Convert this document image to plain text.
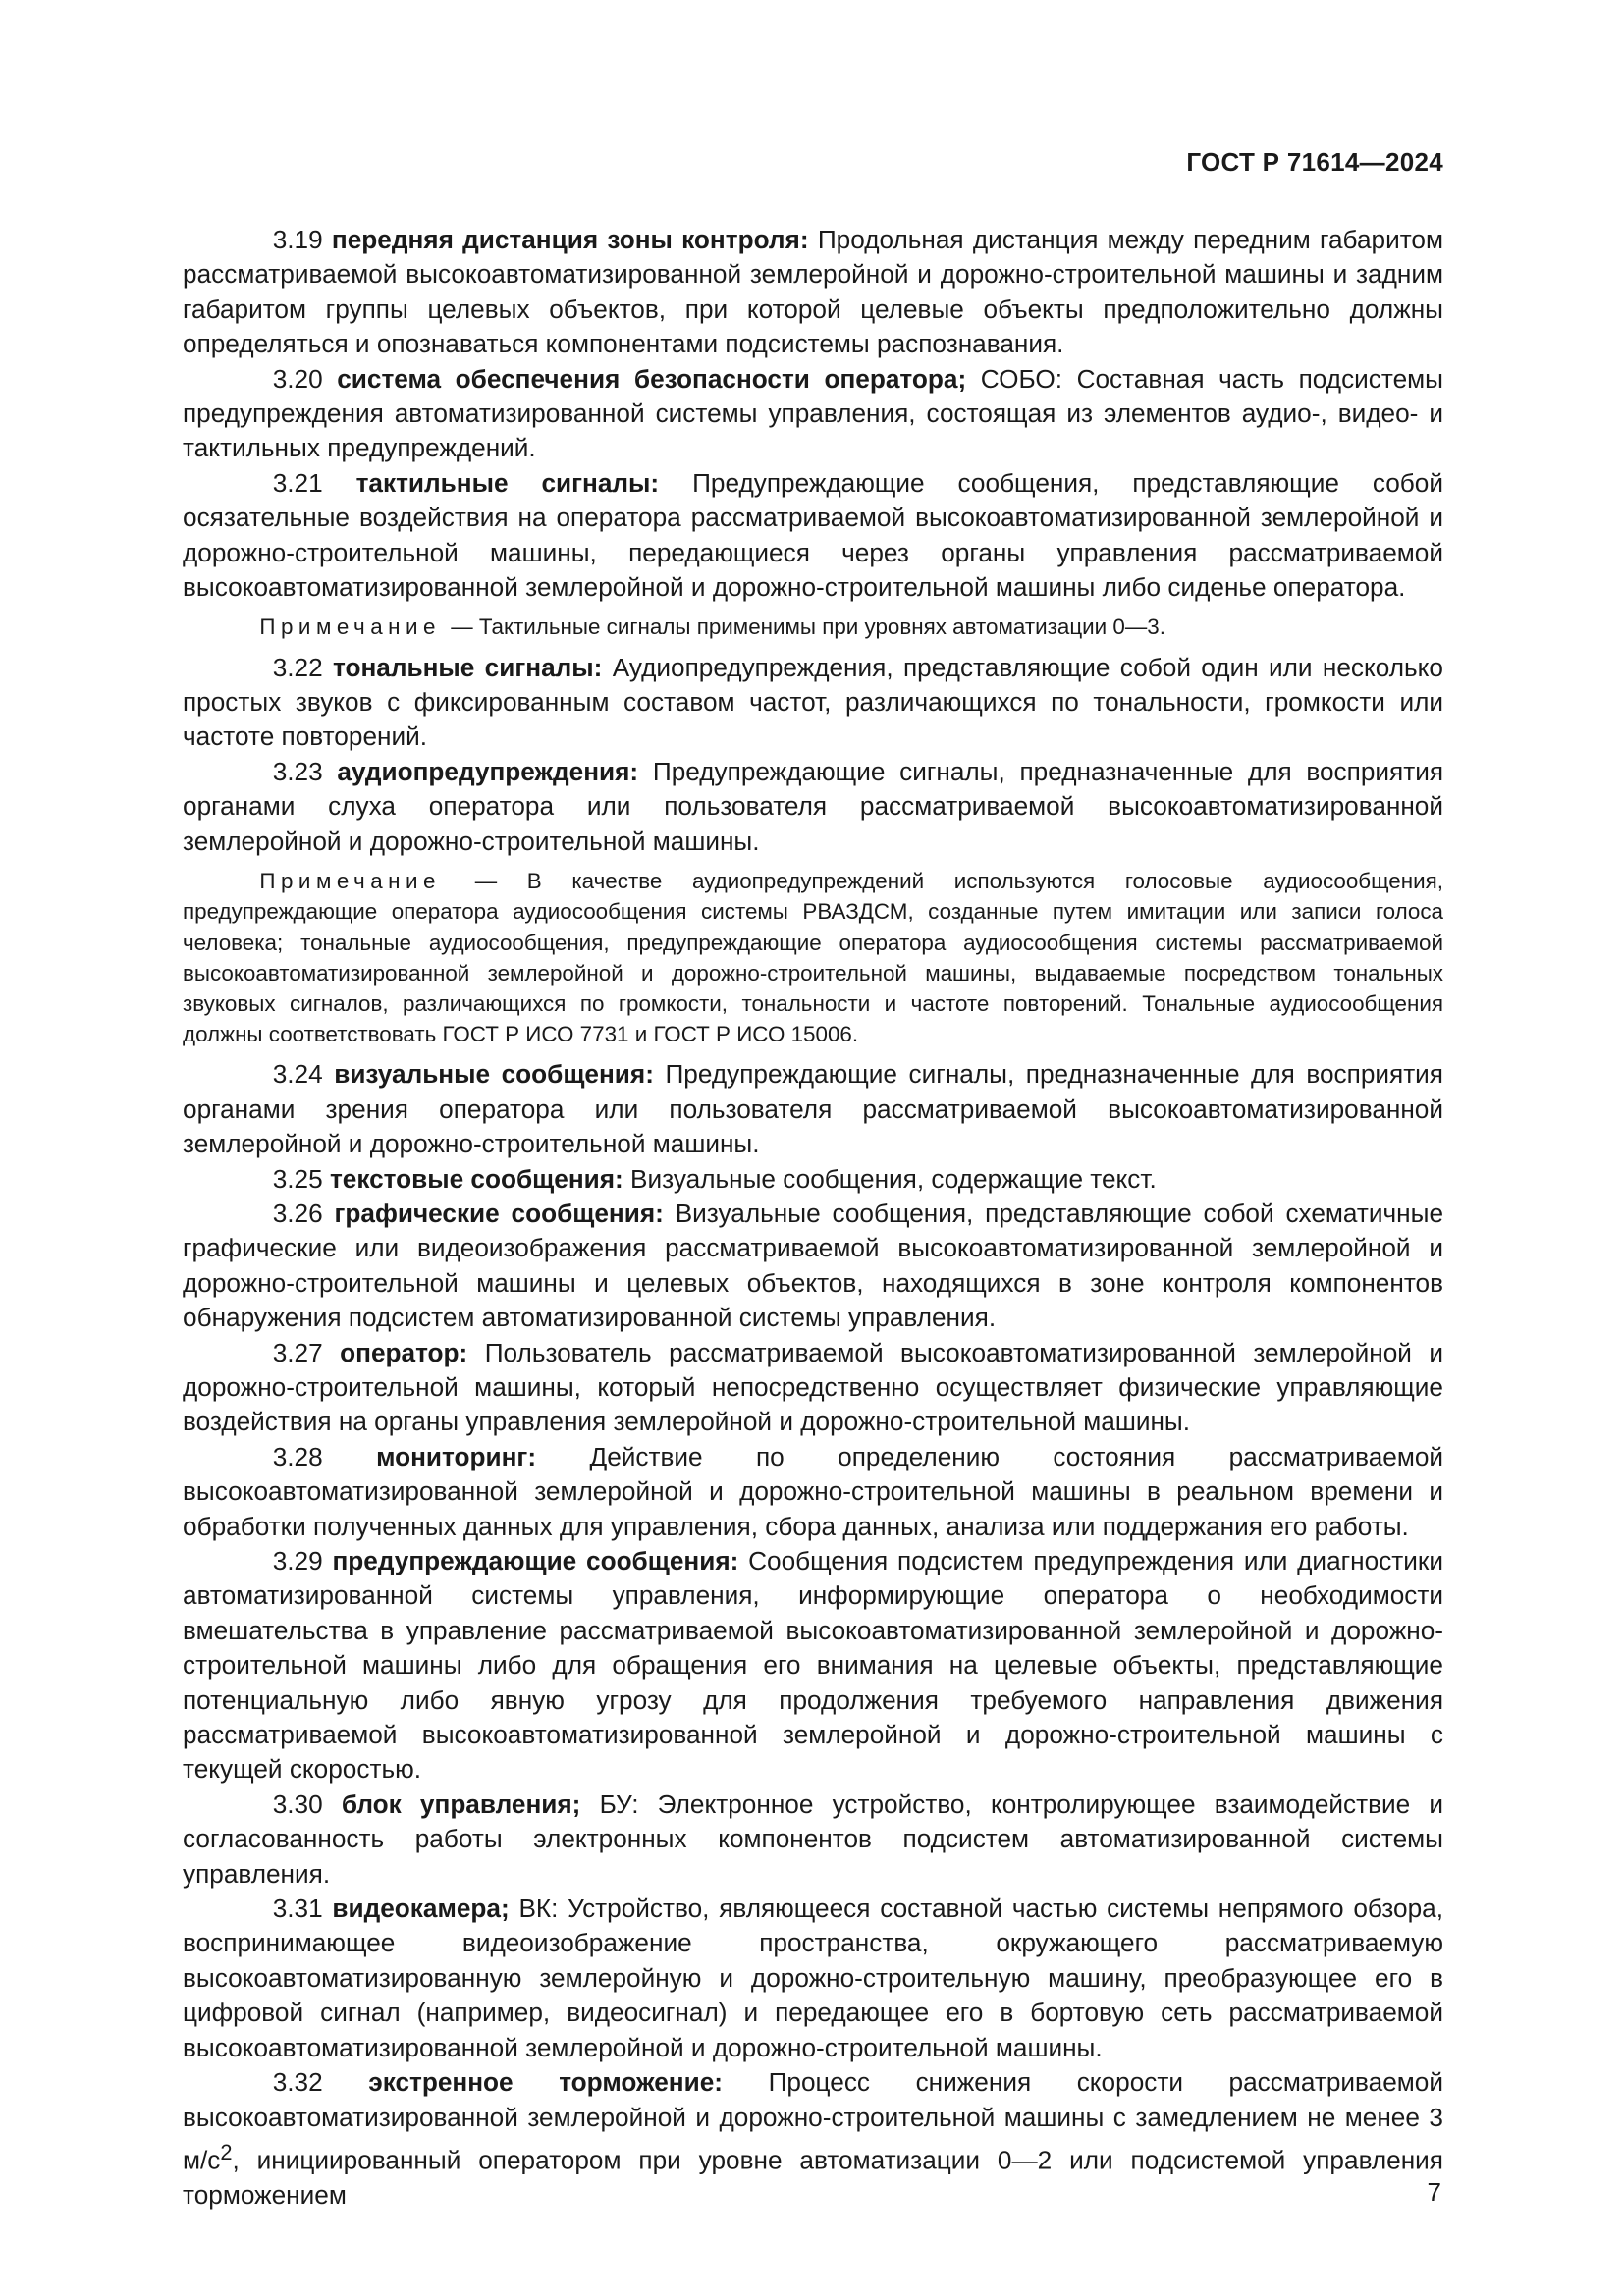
ГОСТ Р 71614—2024

3.19 передняя дистанция зоны контроля: Продольная дистанция между передним габаритом рассматриваемой высокоавтоматизированной землеройной и дорожно-строительной машины и задним габаритом группы целевых объектов, при которой целевые объекты предположительно должны определяться и опознаваться компонентами подсистемы распознавания.

3.20 система обеспечения безопасности оператора; СОБО: Составная часть подсистемы предупреждения автоматизированной системы управления, состоящая из элементов аудио-, видео- и тактильных предупреждений.

3.21 тактильные сигналы: Предупреждающие сообщения, представляющие собой осязательные воздействия на оператора рассматриваемой высокоавтоматизированной землеройной и дорожно-строительной машины, передающиеся через органы управления рассматриваемой высокоавтоматизированной землеройной и дорожно-строительной машины либо сиденье оператора.

Примечание — Тактильные сигналы применимы при уровнях автоматизации 0—3.

3.22 тональные сигналы: Аудиопредупреждения, представляющие собой один или несколько простых звуков с фиксированным составом частот, различающихся по тональности, громкости или частоте повторений.

3.23 аудиопредупреждения: Предупреждающие сигналы, предназначенные для восприятия органами слуха оператора или пользователя рассматриваемой высокоавтоматизированной землеройной и дорожно-строительной машины.

Примечание — В качестве аудиопредупреждений используются голосовые аудиосообщения, предупреждающие оператора аудиосообщения системы РВАЗДСМ, созданные путем имитации или записи голоса человека; тональные аудиосообщения, предупреждающие оператора аудиосообщения системы рассматриваемой высокоавтоматизированной землеройной и дорожно-строительной машины, выдаваемые посредством тональных звуковых сигналов, различающихся по громкости, тональности и частоте повторений. Тональные аудиосообщения должны соответствовать ГОСТ Р ИСО 7731 и ГОСТ Р ИСО 15006.

3.24 визуальные сообщения: Предупреждающие сигналы, предназначенные для восприятия органами зрения оператора или пользователя рассматриваемой высокоавтоматизированной землеройной и дорожно-строительной машины.

3.25 текстовые сообщения: Визуальные сообщения, содержащие текст.

3.26 графические сообщения: Визуальные сообщения, представляющие собой схематичные графические или видеоизображения рассматриваемой высокоавтоматизированной землеройной и дорожно-строительной машины и целевых объектов, находящихся в зоне контроля компонентов обнаружения подсистем автоматизированной системы управления.

3.27 оператор: Пользователь рассматриваемой высокоавтоматизированной землеройной и дорожно-строительной машины, который непосредственно осуществляет физические управляющие воздействия на органы управления землеройной и дорожно-строительной машины.

3.28 мониторинг: Действие по определению состояния рассматриваемой высокоавтоматизированной землеройной и дорожно-строительной машины в реальном времени и обработки полученных данных для управления, сбора данных, анализа или поддержания его работы.

3.29 предупреждающие сообщения: Сообщения подсистем предупреждения или диагностики автоматизированной системы управления, информирующие оператора о необходимости вмешательства в управление рассматриваемой высокоавтоматизированной землеройной и дорожно-строительной машины либо для обращения его внимания на целевые объекты, представляющие потенциальную либо явную угрозу для продолжения требуемого направления движения рассматриваемой высокоавтоматизированной землеройной и дорожно-строительной машины с текущей скоростью.

3.30 блок управления; БУ: Электронное устройство, контролирующее взаимодействие и согласованность работы электронных компонентов подсистем автоматизированной системы управления.

3.31 видеокамера; ВК: Устройство, являющееся составной частью системы непрямого обзора, воспринимающее видеоизображение пространства, окружающего рассматриваемую высокоавтоматизированную землеройную и дорожно-строительную машину, преобразующее его в цифровой сигнал (например, видеосигнал) и передающее его в бортовую сеть рассматриваемой высокоавтоматизированной землеройной и дорожно-строительной машины.

3.32 экстренное торможение: Процесс снижения скорости рассматриваемой высокоавтоматизированной землеройной и дорожно-строительной машины с замедлением не менее 3 $м/с^2$, инициированный оператором при уровне автоматизации 0—2 или подсистемой управления торможением	7
